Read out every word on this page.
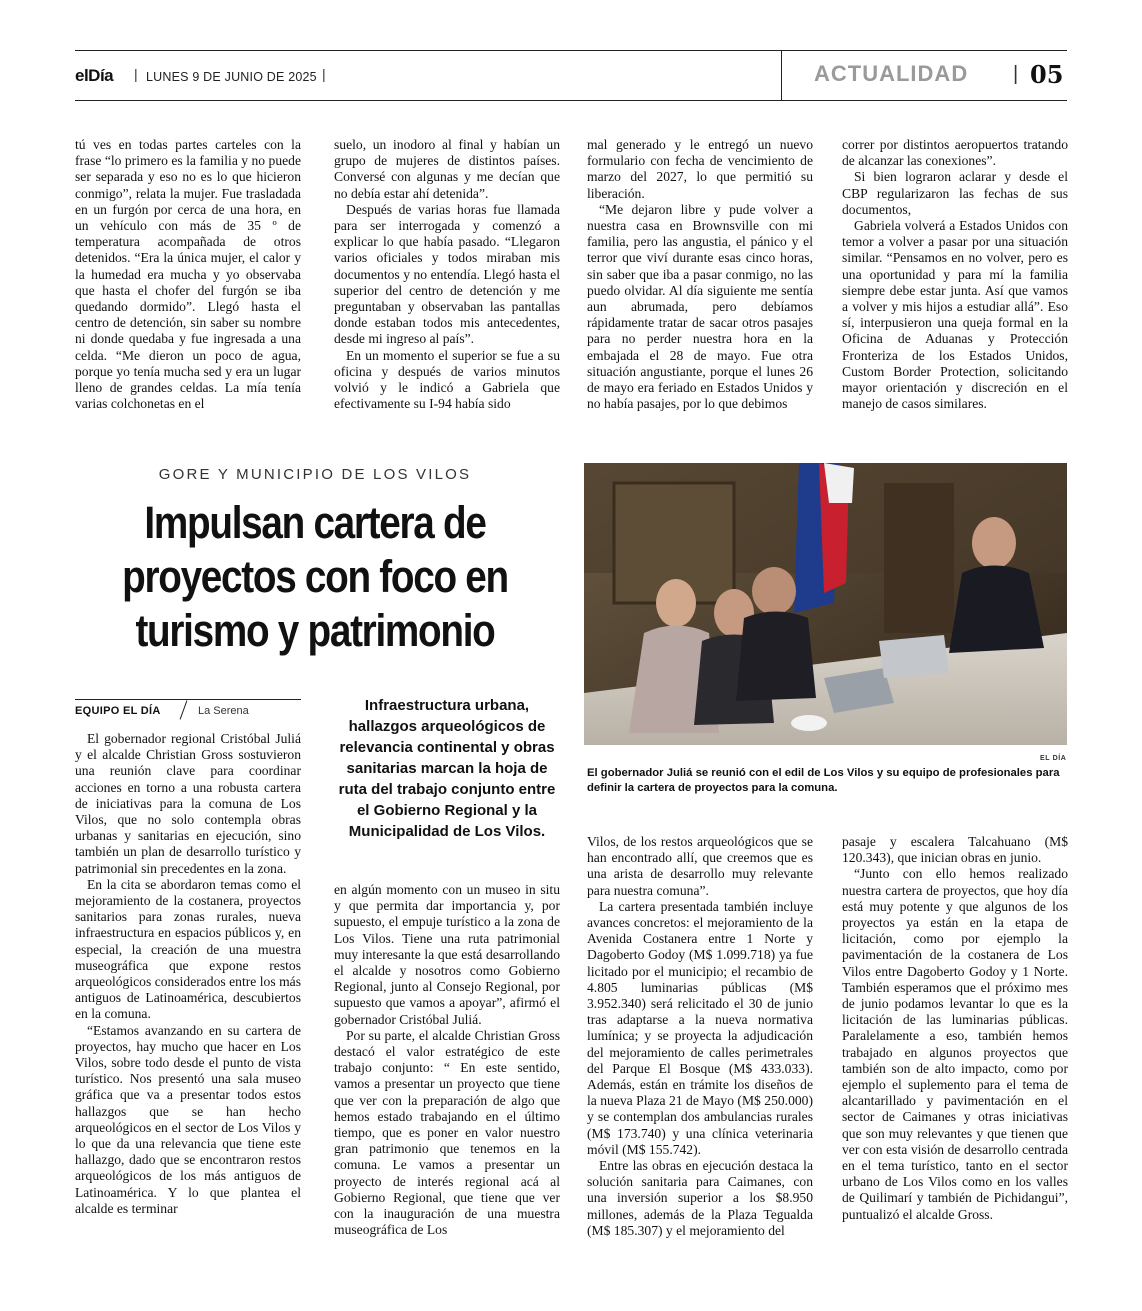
elDía | LUNES 9 DE JUNIO DE 2025 |	ACTUALIDAD | 05

tú ves en todas partes carteles con la frase “lo primero es la familia y no puede ser separada y eso no es lo que hicieron conmigo”, relata la mujer. Fue trasladada en un furgón por cerca de una hora, en un vehículo con más de 35 º de temperatura acompañada de otros detenidos. “Era la única mujer, el calor y la humedad era mucha y yo observaba que hasta el chofer del furgón se iba quedando dormido”. Llegó hasta el centro de detención, sin saber su nombre ni donde quedaba y fue ingresada a una celda. “Me dieron un poco de agua, porque yo tenía mucha sed y era un lugar lleno de grandes celdas. La mía tenía varias colchonetas en el

suelo, un inodoro al final y habían un grupo de mujeres de distintos países. Conversé con algunas y me decían que no debía estar ahí detenida”.

Después de varias horas fue llamada para ser interrogada y comenzó a explicar lo que había pasado. “Llegaron varios oficiales y todos miraban mis documentos y no entendía. Llegó hasta el superior del centro de detención y me preguntaban y observaban las pantallas donde estaban todos mis antecedentes, desde mi ingreso al país”.

En un momento el superior se fue a su oficina y después de varios minutos volvió y le indicó a Gabriela que efectivamente su I-94 había sido

mal generado y le entregó un nuevo formulario con fecha de vencimiento de marzo del 2027, lo que permitió su liberación.

“Me dejaron libre y pude volver a nuestra casa en Brownsville con mi familia, pero las angustia, el pánico y el terror que viví durante esas cinco horas, sin saber que iba a pasar conmigo, no las puedo olvidar. Al día siguiente me sentía aun abrumada, pero debíamos rápidamente tratar de sacar otros pasajes para no perder nuestra hora en la embajada el 28 de mayo. Fue otra situación angustiante, porque el lunes 26 de mayo era feriado en Estados Unidos y no había pasajes, por lo que debimos

correr por distintos aeropuertos tratando de alcanzar las conexiones”.

Si bien lograron aclarar y desde el CBP regularizaron las fechas de sus documentos,

Gabriela volverá a Estados Unidos con temor a volver a pasar por una situación similar. “Pensamos en no volver, pero es una oportunidad y para mí la familia siempre debe estar junta. Así que vamos a volver y mis hijos a estudiar allá”. Eso sí, interpusieron una queja formal en la Oficina de Aduanas y Protección Fronteriza de los Estados Unidos, Custom Border Protection, solicitando mayor orientación y discreción en el manejo de casos similares.

GORE Y MUNICIPIO DE LOS VILOS
Impulsan cartera de proyectos con foco en turismo y patrimonio
EL DÍA
El gobernador Juliá se reunió con el edil de Los Vilos y su equipo de profesionales para definir la cartera de proyectos para la comuna.
EQUIPO EL DÍA	La Serena	Infraestructura urbana, hallazgos arqueológicos de relevancia continental y obras sanitarias marcan la hoja de ruta del trabajo conjunto entre el Gobierno Regional y la Municipalidad de Los Vilos.

El gobernador regional Cristóbal Juliá y el alcalde Christian Gross sostuvieron una reunión clave para coordinar acciones en torno a una robusta cartera de iniciativas para la comuna de Los Vilos, que no solo contempla obras urbanas y sanitarias en ejecución, sino también un plan de desarrollo turístico y patrimonial sin precedentes en la zona.

En la cita se abordaron temas como el mejoramiento de la costanera, proyectos sanitarios para zonas rurales, nueva infraestructura en espacios públicos y, en especial, la creación de una muestra museográfica que expone restos arqueológicos considerados entre los más antiguos de Latinoamérica, descubiertos en la comuna.

“Estamos avanzando en su cartera de proyectos, hay mucho que hacer en Los Vilos, sobre todo desde el punto de vista turístico. Nos presentó una sala museo gráfica que va a presentar todos estos hallazgos que se han hecho arqueológicos en el sector de Los Vilos y lo que da una relevancia que tiene este hallazgo, dado que se encontraron restos arqueológicos de los más antiguos de Latinoamérica. Y lo que plantea el alcalde es terminar

en algún momento con un museo in situ y que permita dar importancia y, por supuesto, el empuje turístico a la zona de Los Vilos. Tiene una ruta patrimonial muy interesante la que está desarrollando el alcalde y nosotros como Gobierno Regional, junto al Consejo Regional, por supuesto que vamos a apoyar”, afirmó el gobernador Cristóbal Juliá.

Por su parte, el alcalde Christian Gross destacó el valor estratégico de este trabajo conjunto: “ En este sentido, vamos a presentar un proyecto que tiene que ver con la preparación de algo que hemos estado trabajando en el último tiempo, que es poner en valor nuestro gran patrimonio que tenemos en la comuna. Le vamos a presentar un proyecto de interés regional acá al Gobierno Regional, que tiene que ver con la inauguración de una muestra museográfica de Los

Vilos, de los restos arqueológicos que se han encontrado allí, que creemos que es una arista de desarrollo muy relevante para nuestra comuna”.

La cartera presentada también incluye avances concretos: el mejoramiento de la Avenida Costanera entre 1 Norte y Dagoberto Godoy (M$ 1.099.718) ya fue licitado por el municipio; el recambio de 4.805 luminarias públicas (M$ 3.952.340) será relicitado el 30 de junio tras adaptarse a la nueva normativa lumínica; y se proyecta la adjudicación del mejoramiento de calles perimetrales del Parque El Bosque (M$ 433.033). Además, están en trámite los diseños de la nueva Plaza 21 de Mayo (M$ 250.000) y se contemplan dos ambulancias rurales (M$ 173.740) y una clínica veterinaria móvil (M$ 155.742).

Entre las obras en ejecución destaca la solución sanitaria para Caimanes, con una inversión superior a los $8.950 millones, además de la Plaza Tegualda (M$ 185.307) y el mejoramiento del

pasaje y escalera Talcahuano (M$ 120.343), que inician obras en junio.

“Junto con ello hemos realizado nuestra cartera de proyectos, que hoy día está muy potente y que algunos de los proyectos ya están en la etapa de licitación, como por ejemplo la pavimentación de la costanera de Los Vilos entre Dagoberto Godoy y 1 Norte. También esperamos que el próximo mes de junio podamos levantar lo que es la licitación de las luminarias públicas. Paralelamente a eso, también hemos trabajado en algunos proyectos que también son de alto impacto, como por ejemplo el suplemento para el tema de alcantarillado y pavimentación en el sector de Caimanes y otras iniciativas que son muy relevantes y que tienen que ver con esta visión de desarrollo centrada en el tema turístico, tanto en el sector urbano de Los Vilos como en los valles de Quilimarí y también de Pichidangui”, puntualizó el alcalde Gross.
